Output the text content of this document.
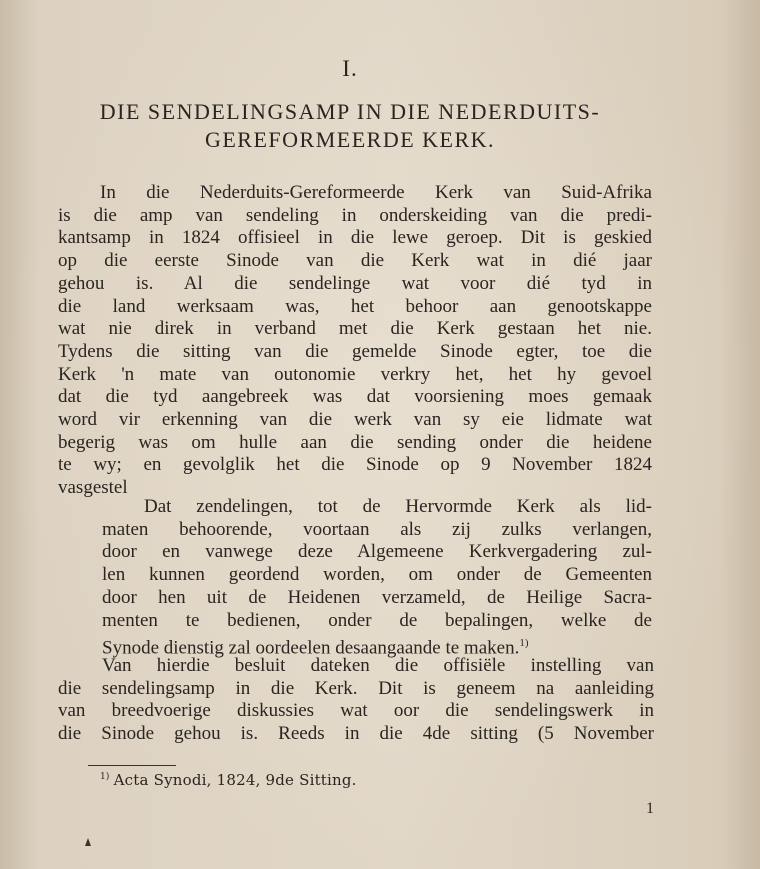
I.
DIE SENDELINGSAMP IN DIE NEDERDUITS-
GEREFORMEERDE KERK.
In die Nederduits-Gereformeerde Kerk van Suid-Afrika
is die amp van sendeling in onderskeiding van die predi-
kantsamp in 1824 offisieel in die lewe geroep. Dit is geskied
op die eerste Sinode van die Kerk wat in dié jaar
gehou is. Al die sendelinge wat voor dié tyd in
die land werksaam was, het behoor aan genootskappe
wat nie direk in verband met die Kerk gestaan het nie.
Tydens die sitting van die gemelde Sinode egter, toe die
Kerk 'n mate van outonomie verkry het, het hy gevoel
dat die tyd aangebreek was dat voorsiening moes gemaak
word vir erkenning van die werk van sy eie lidmate wat
begerig was om hulle aan die sending onder die heidene
te wy; en gevolglik het die Sinode op 9 November 1824
vasgestel
Dat zendelingen, tot de Hervormde Kerk als lid-
maten behoorende, voortaan als zij zulks verlangen,
door en vanwege deze Algemeene Kerkvergadering zul-
len kunnen geordend worden, om onder de Gemeenten
door hen uit de Heidenen verzameld, de Heilige Sacra-
menten te bedienen, onder de bepalingen, welke de
Synode dienstig zal oordeelen desaangaande te maken.$^{1)}$
Van hierdie besluit dateken die offisiële instelling van
die sendelingsamp in die Kerk. Dit is geneem na aanleiding
van breedvoerige diskussies wat oor die sendelingswerk in
die Sinode gehou is. Reeds in die 4de sitting (5 November
$^{1)}$ Acta Synodi, 1824, 9de Sitting.
1
